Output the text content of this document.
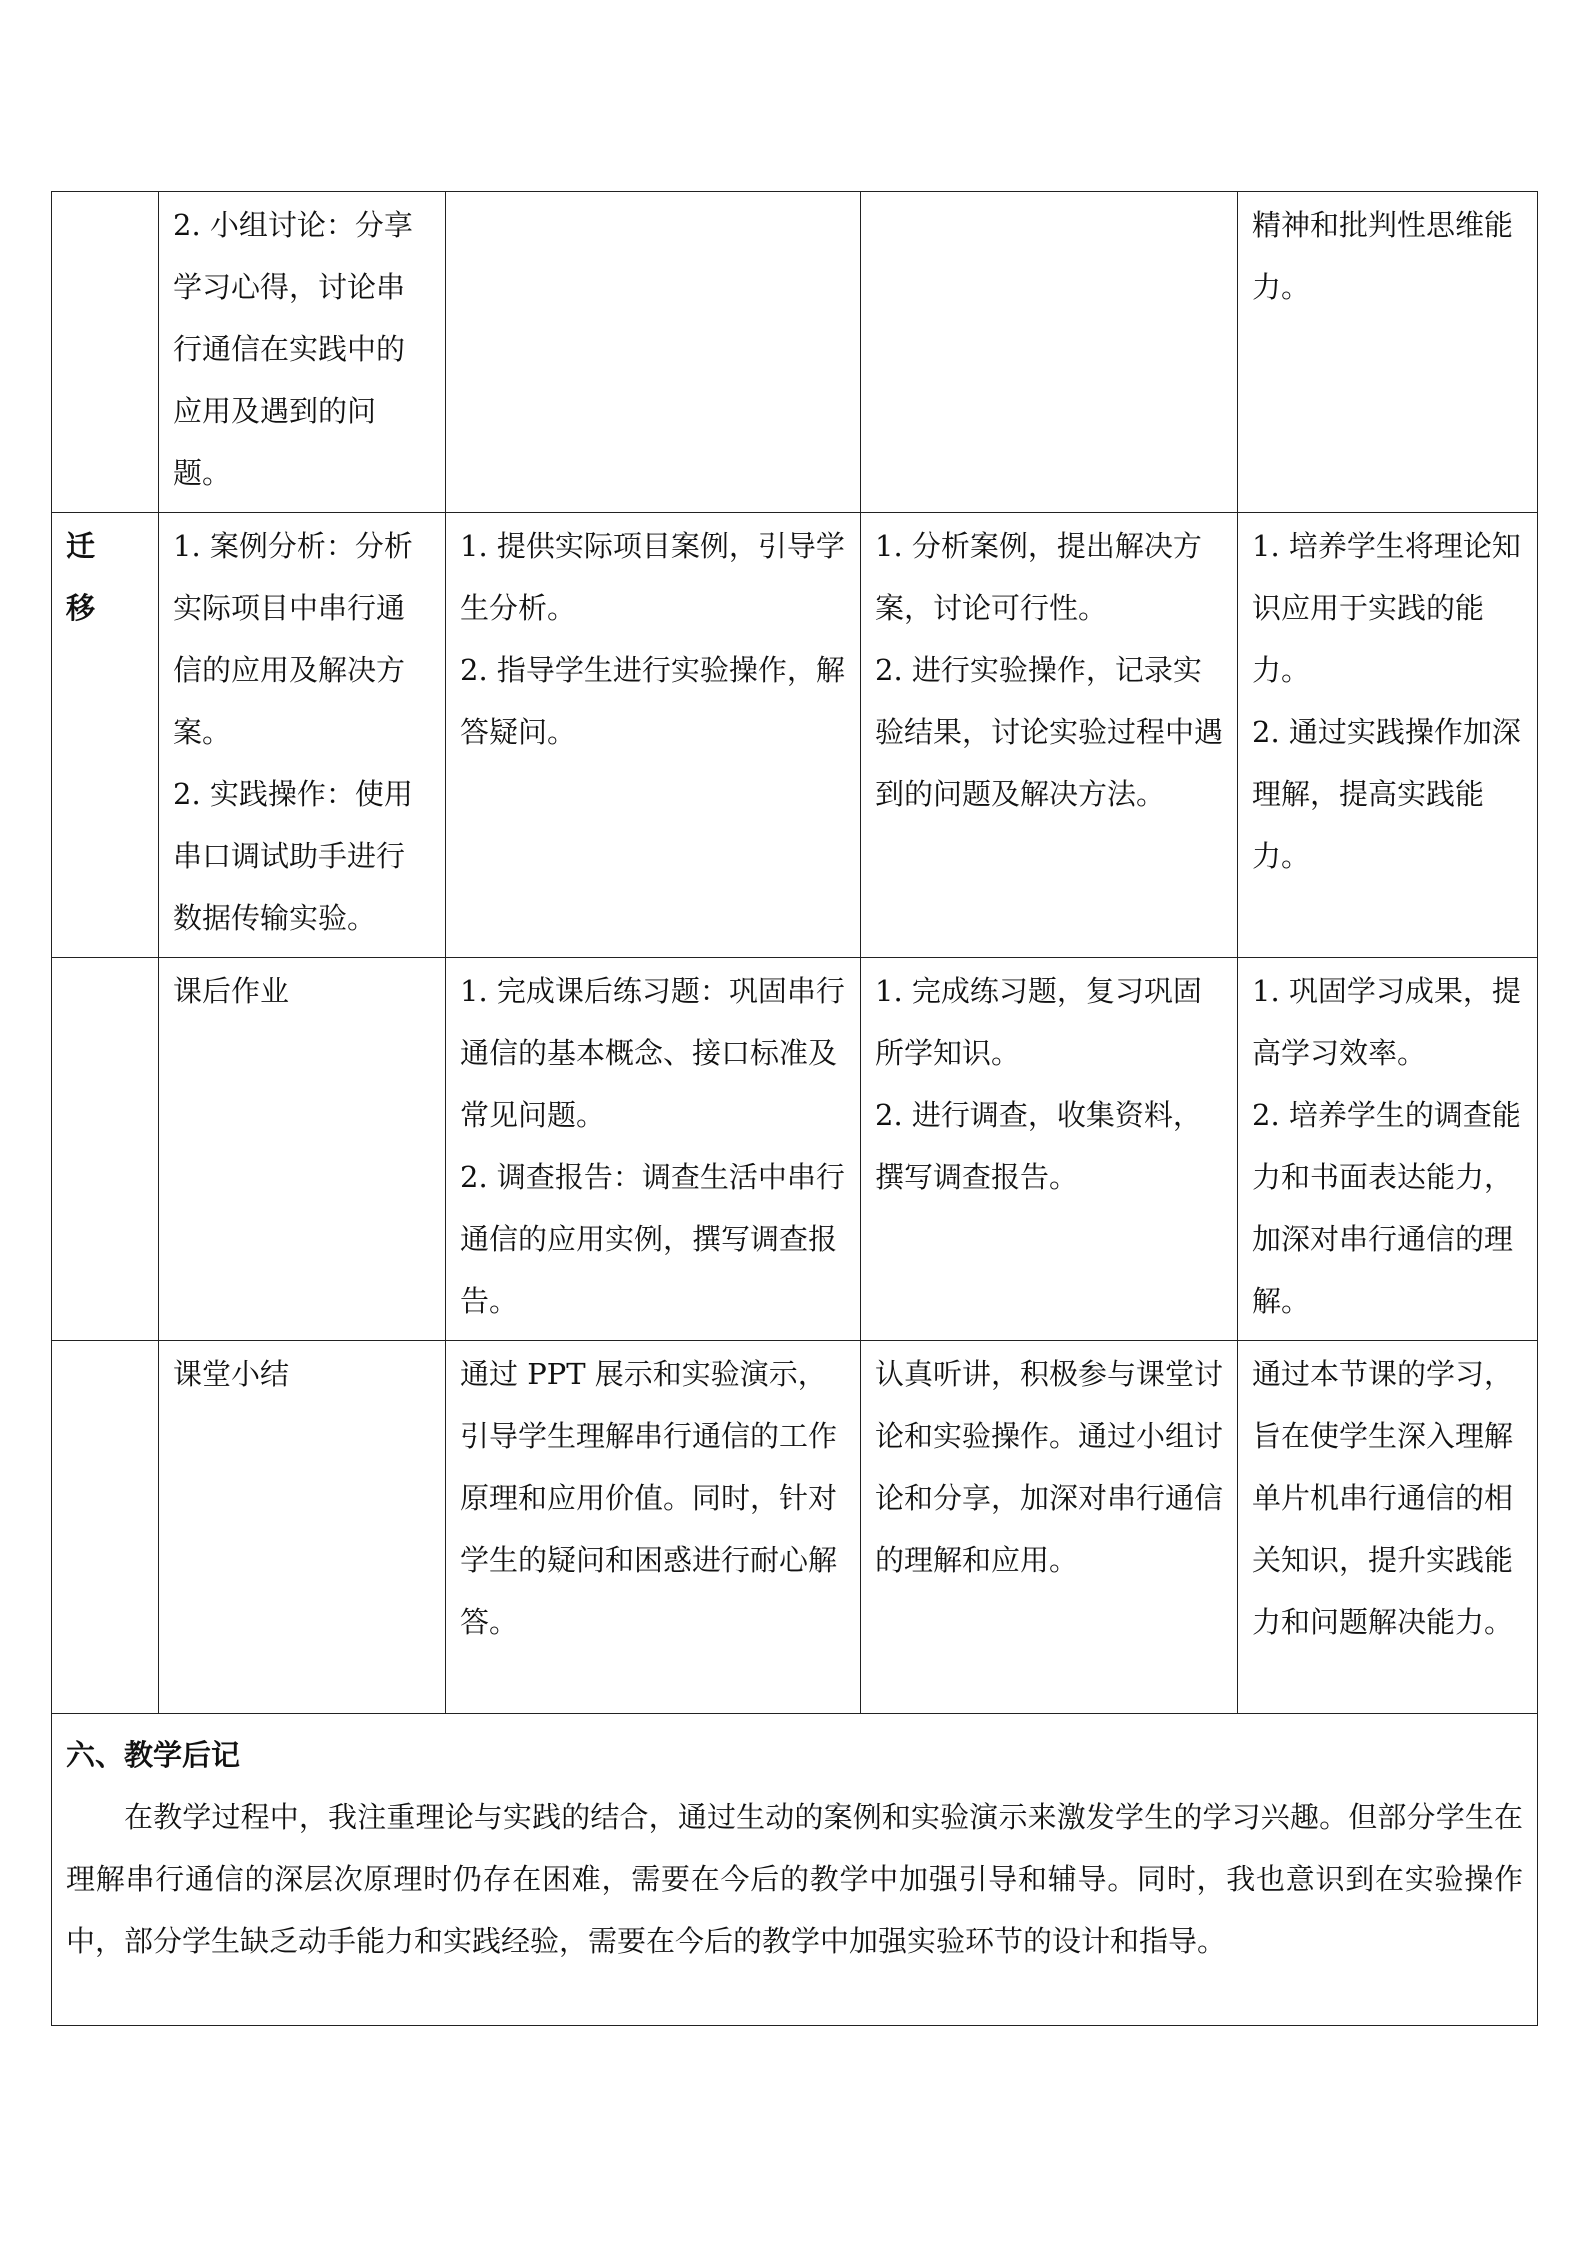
	2. 小组讨论：分享学习心得，讨论串行通信在实践中的应用及遇到的问题。			精神和批判性思维能力。

迁移	1. 案例分析：分析实际项目中串行通信的应用及解决方案。
2. 实践操作：使用串口调试助手进行数据传输实验。	1. 提供实际项目案例，引导学生分析。
2. 指导学生进行实验操作，解答疑问。	1. 分析案例，提出解决方案，讨论可行性。
2. 进行实验操作，记录实验结果，讨论实验过程中遇到的问题及解决方法。	1. 培养学生将理论知识应用于实践的能力。
2. 通过实践操作加深理解，提高实践能力。

	课后作业	1. 完成课后练习题：巩固串行通信的基本概念、接口标准及常见问题。
2. 调查报告：调查生活中串行通信的应用实例，撰写调查报告。	1. 完成练习题，复习巩固所学知识。
2. 进行调查，收集资料，撰写调查报告。	1. 巩固学习成果，提高学习效率。
2. 培养学生的调查能力和书面表达能力，加深对串行通信的理解。

	课堂小结	通过 PPT 展示和实验演示，引导学生理解串行通信的工作原理和应用价值。同时，针对学生的疑问和困惑进行耐心解答。	认真听讲，积极参与课堂讨论和实验操作。通过小组讨论和分享，加深对串行通信的理解和应用。	通过本节课的学习，旨在使学生深入理解单片机串行通信的相关知识，提升实践能力和问题解决能力。

六、教学后记
在教学过程中，我注重理论与实践的结合，通过生动的案例和实验演示来激发学生的学习兴趣。但部分学生在理解串行通信的深层次原理时仍存在困难，需要在今后的教学中加强引导和辅导。同时，我也意识到在实验操作中，部分学生缺乏动手能力和实践经验，需要在今后的教学中加强实验环节的设计和指导。				
